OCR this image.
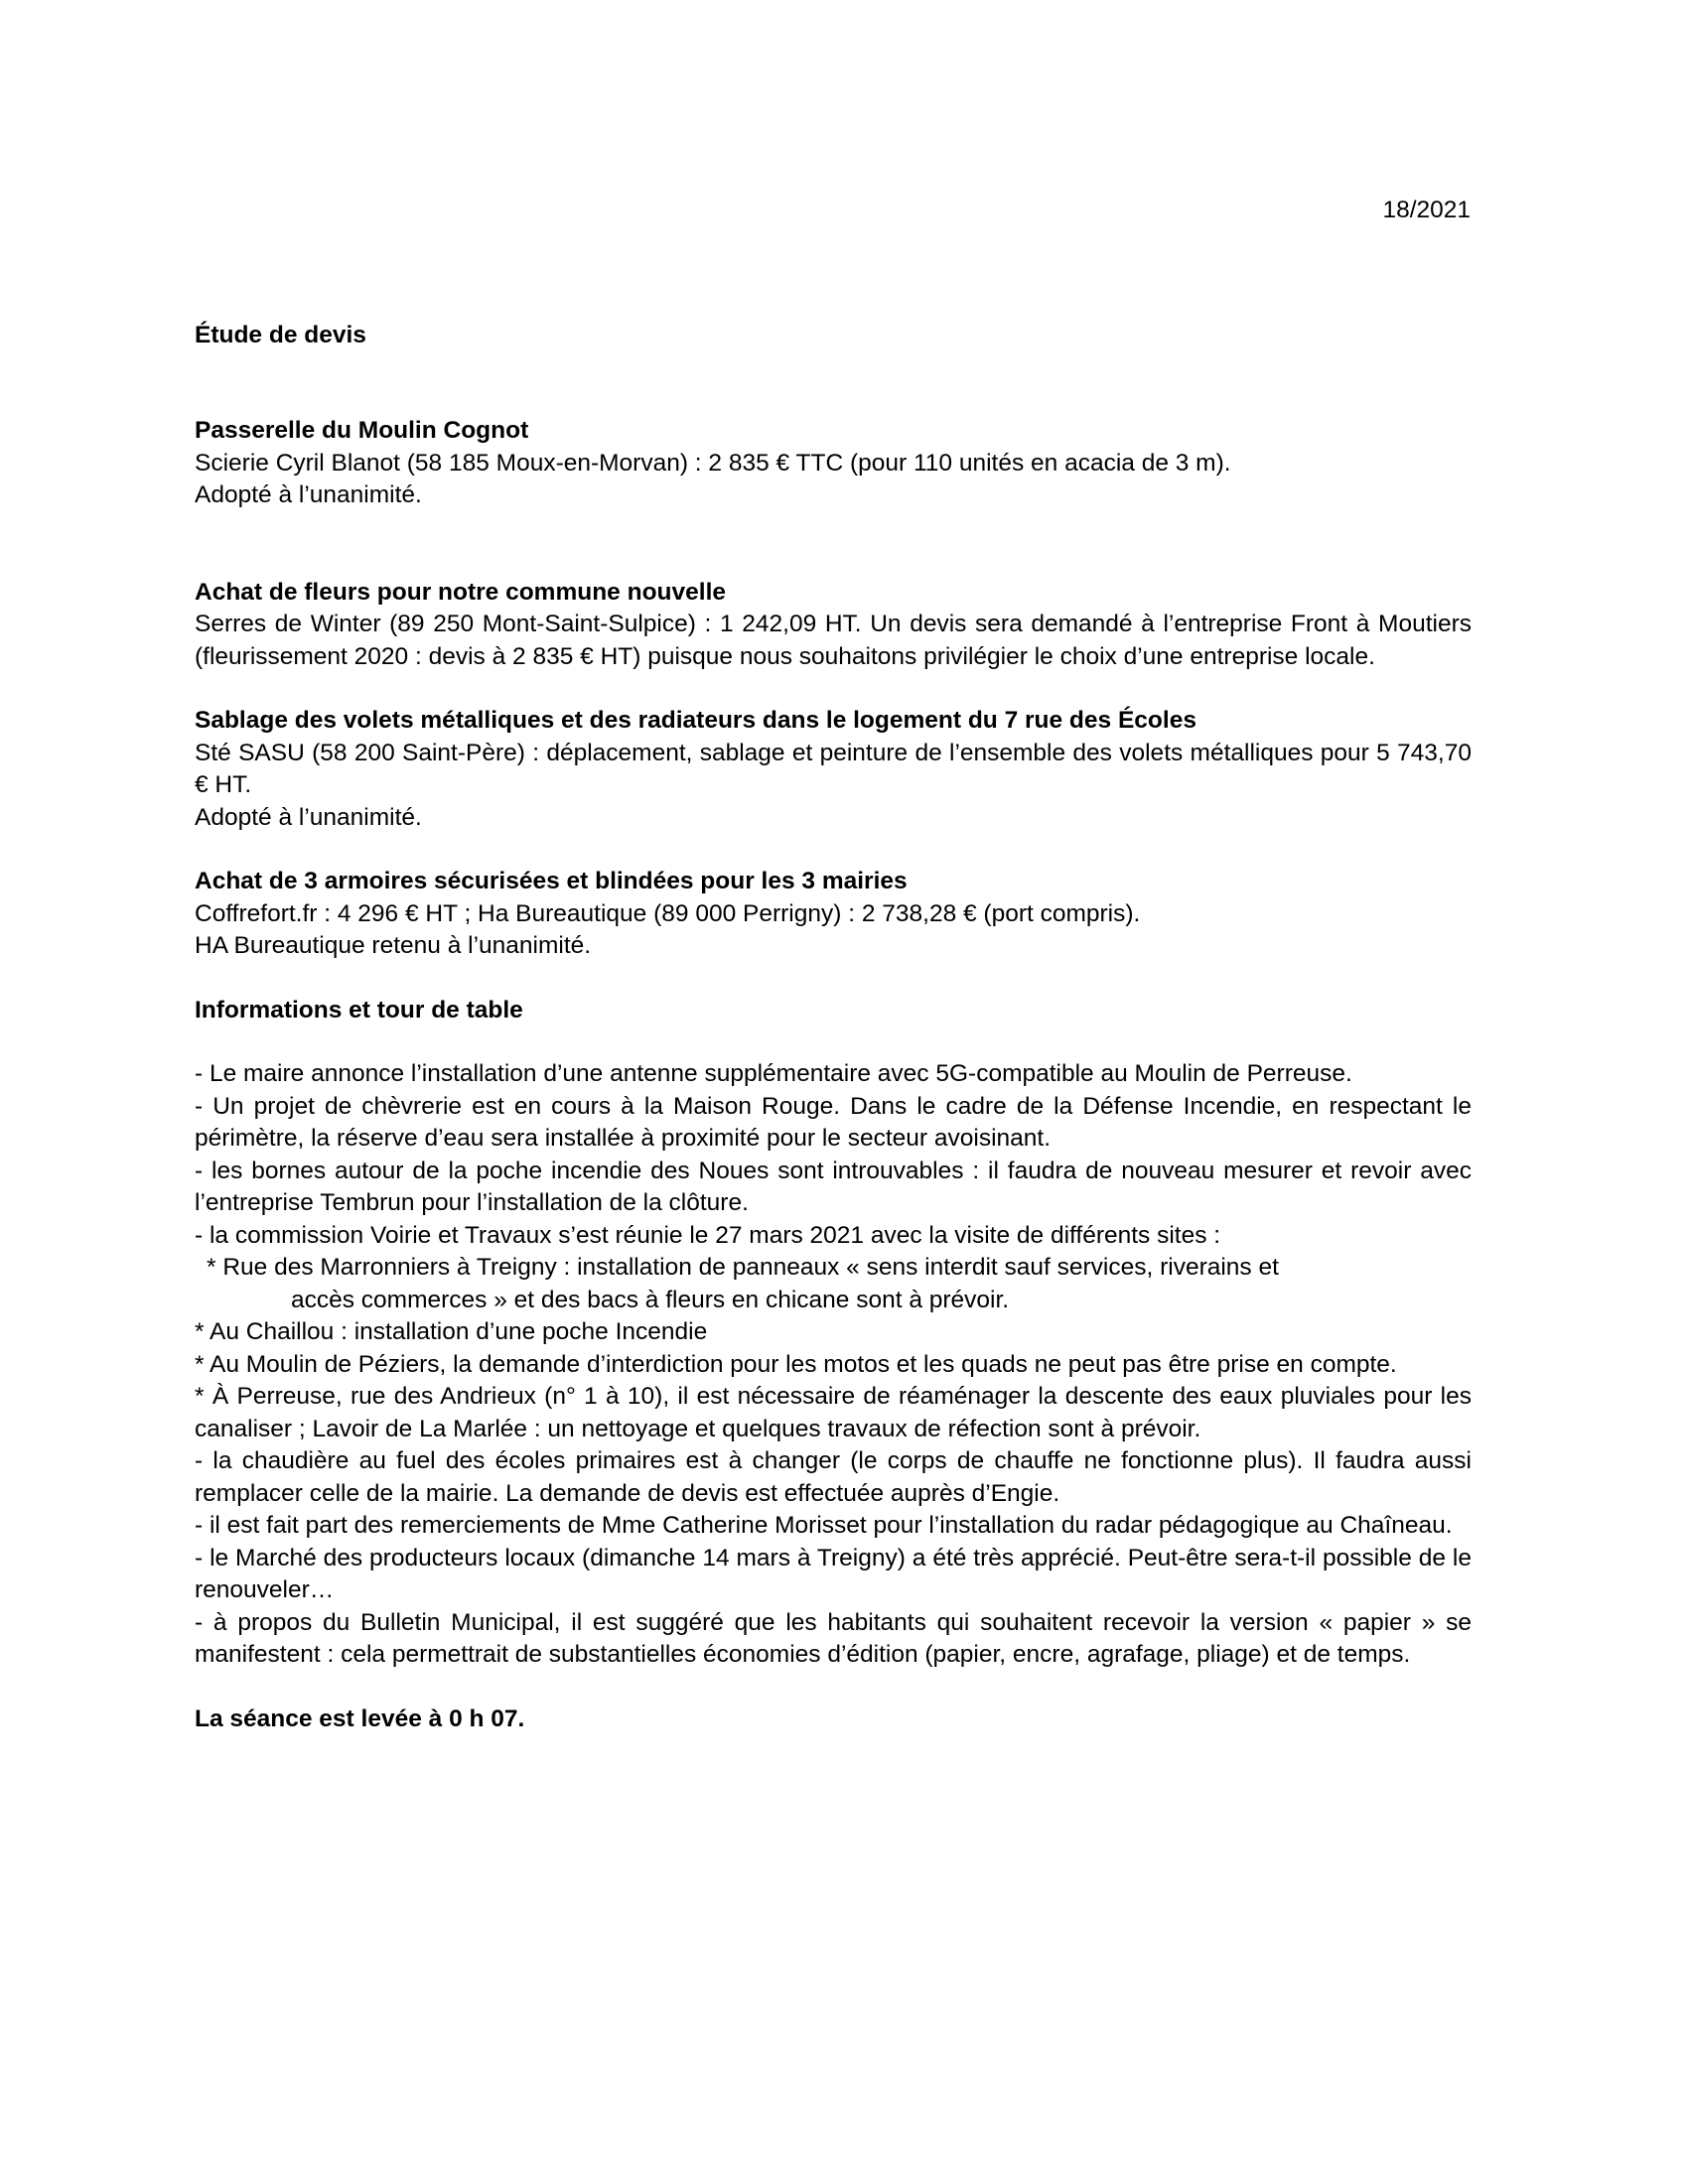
18/2021
Étude de devis

Passerelle du Moulin Cognot

Scierie Cyril Blanot (58 185 Moux-en-Morvan) : 2 835 € TTC (pour 110 unités en acacia de 3 m).

Adopté à l’unanimité.

Achat de fleurs pour notre commune nouvelle

Serres de Winter (89 250 Mont-Saint-Sulpice) : 1 242,09 HT. Un devis sera demandé à l’entreprise Front à Moutiers (fleurissement 2020 : devis à 2 835 € HT) puisque nous souhaitons privilégier le choix d’une entreprise locale.

Sablage des volets métalliques et des radiateurs dans le logement du 7 rue des Écoles

Sté SASU (58 200 Saint-Père) : déplacement, sablage et peinture de l’ensemble des volets métalliques pour 5 743,70 € HT.

Adopté à l’unanimité.

Achat de 3 armoires sécurisées et blindées pour les 3 mairies

Coffrefort.fr : 4 296 € HT ; Ha Bureautique (89 000 Perrigny) : 2 738,28 € (port compris).

HA Bureautique retenu à l’unanimité.

Informations et tour de table

- Le maire annonce l’installation d’une antenne supplémentaire avec 5G-compatible au Moulin de Perreuse.

- Un projet de chèvrerie est en cours à la Maison Rouge. Dans le cadre de la Défense Incendie, en respectant le périmètre, la réserve d’eau sera installée à proximité pour le secteur avoisinant.

- les bornes autour de la poche incendie des Noues sont introuvables : il faudra de nouveau mesurer et revoir avec l’entreprise Tembrun pour l’installation de la clôture.

- la commission Voirie et Travaux s’est réunie le 27 mars 2021 avec la visite de différents sites :

* Rue des Marronniers à Treigny : installation de panneaux « sens interdit sauf services, riverains et

accès commerces » et des bacs à fleurs en chicane sont à prévoir.

* Au Chaillou : installation d’une poche Incendie

* Au Moulin de Péziers, la demande d’interdiction pour les motos et les quads ne peut pas être prise en compte.

* À Perreuse, rue des Andrieux (n° 1 à 10), il est nécessaire de réaménager la descente des eaux pluviales pour les canaliser ; Lavoir de La Marlée : un nettoyage et quelques travaux de réfection sont à prévoir.

- la chaudière au fuel des écoles primaires est à changer (le corps de chauffe ne fonctionne plus). Il faudra aussi remplacer celle de la mairie. La demande de devis est effectuée auprès d’Engie.

- il est fait part des remerciements de Mme Catherine Morisset pour l’installation du radar pédagogique au Chaîneau.

- le Marché des producteurs locaux (dimanche 14 mars à Treigny) a été très apprécié. Peut-être sera-t-il possible de le renouveler…

- à propos du Bulletin Municipal, il est suggéré que les habitants qui souhaitent recevoir la version « papier » se manifestent : cela permettrait de substantielles économies d’édition (papier, encre, agrafage, pliage) et de temps.

La séance est levée à 0 h 07.
